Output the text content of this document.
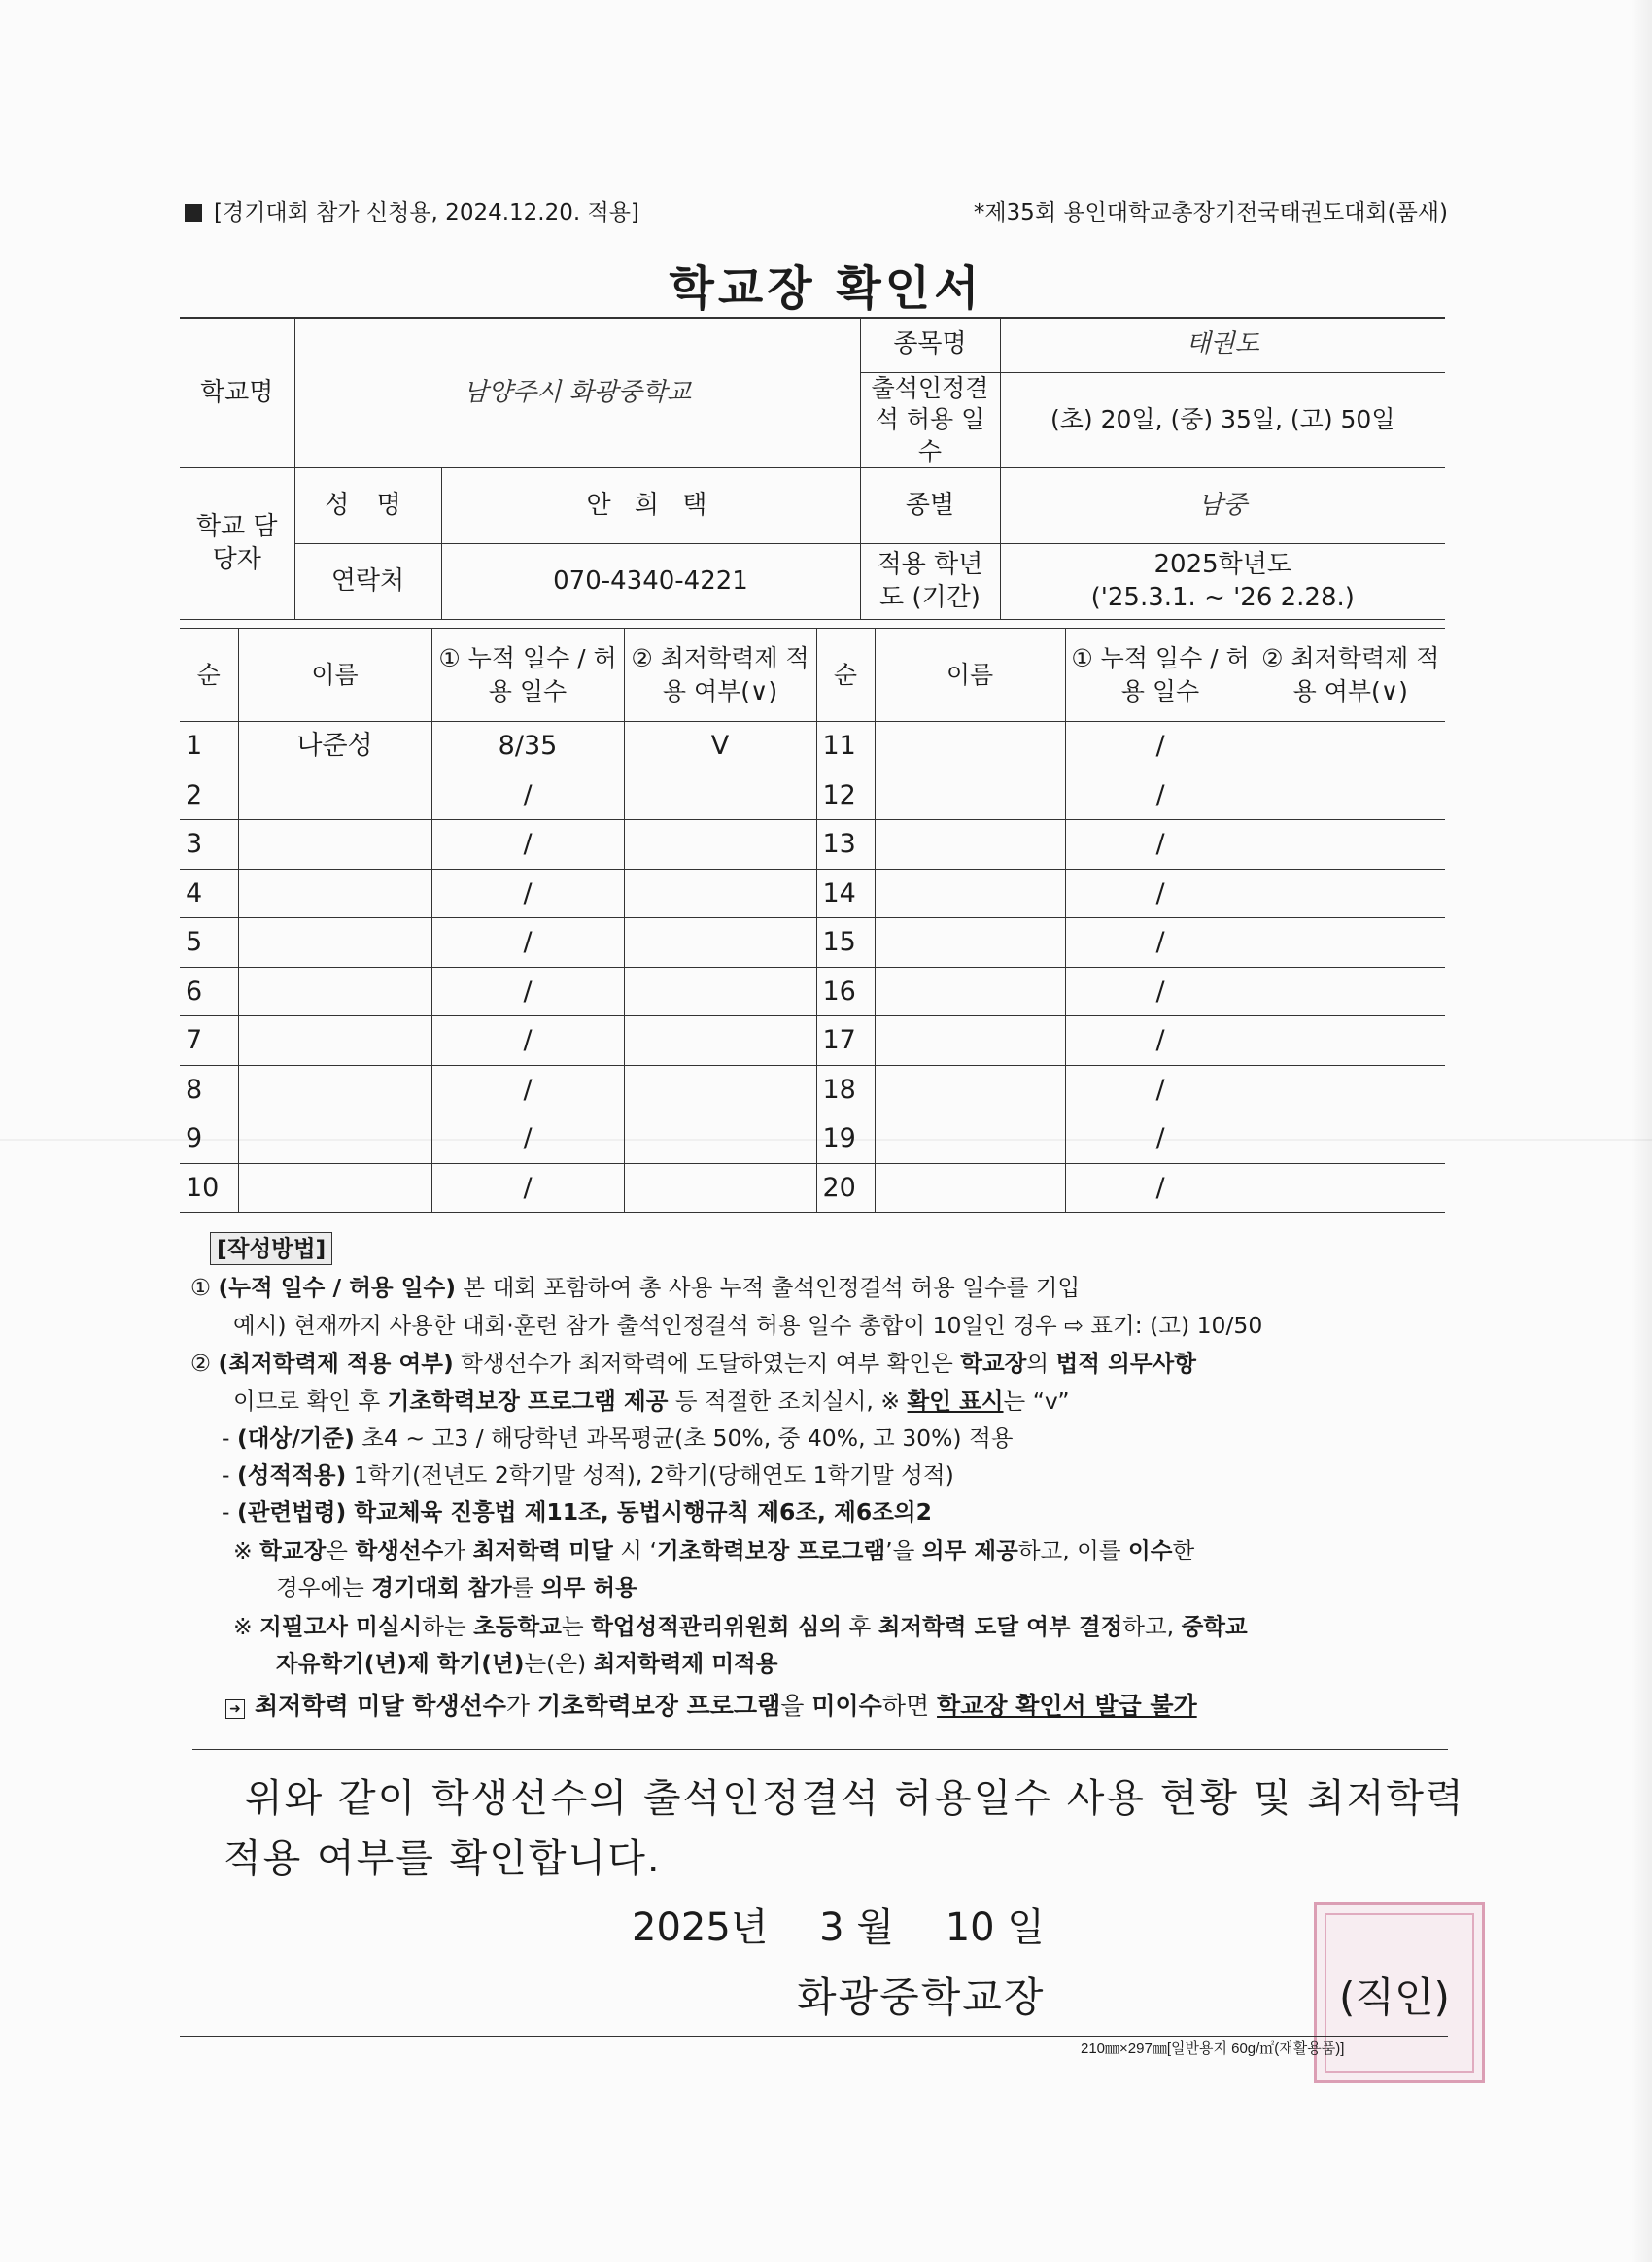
[경기대회 참가 신청용, 2024.12.20. 적용]	*제35회 용인대학교총장기전국태권도대회(품새)
학교장 확인서
학교명	남양주시 화광중학교		종목명	태권도
			출석인정결석 허용 일수	(초) 20일, (중) 35일, (고) 50일
학교 담당자	성 명	안 희 택	종별	남중
	연락처	070-4340-4221	적용 학년도 (기간)	2025학년도
('25.3.1. ~ '26 2.28.)
순	이름	① 누적 일수 / 허용 일수	② 최저학력제 적용 여부(∨)	순	이름	① 누적 일수 / 허용 일수	② 최저학력제 적용 여부(∨)
1	나준성	8/35	V	11		/	
2		/		12		/	
3		/		13		/	
4		/		14		/	
5		/		15		/	
6		/		16		/	
7		/		17		/	
8		/		18		/	
9		/		19		/	
10		/		20		/	
[작성방법]
① (누적 일수 / 허용 일수) 본 대회 포함하여 총 사용 누적 출석인정결석 허용 일수를 기입
예시) 현재까지 사용한 대회·훈련 참가 출석인정결석 허용 일수 총합이 10일인 경우 ⇨ 표기: (고) 10/50
② (최저학력제 적용 여부) 학생선수가 최저학력에 도달하였는지 여부 확인은 학교장의 법적 의무사항
이므로 확인 후 기초학력보장 프로그램 제공 등 적절한 조치실시, ※ 확인 표시는 “v”
- (대상/기준) 초4 ~ 고3 / 해당학년 과목평균(초 50%, 중 40%, 고 30%) 적용
- (성적적용) 1학기(전년도 2학기말 성적), 2학기(당해연도 1학기말 성적)
- (관련법령) 학교체육 진흥법 제11조, 동법시행규칙 제6조, 제6조의2
※ 학교장은 학생선수가 최저학력 미달 시 ‘기초학력보장 프로그램’을 의무 제공하고, 이를 이수한
경우에는 경기대회 참가를 의무 허용
※ 지필고사 미실시하는 초등학교는 학업성적관리위원회 심의 후 최저학력 도달 여부 결정하고, 중학교
자유학기(년)제 학기(년)는(은) 최저학력제 미적용
➜ 최저학력 미달 학생선수가 기초학력보장 프로그램을 미이수하면 학교장 확인서 발급 불가
위와 같이 학생선수의 출석인정결석 허용일수 사용 현황 및 최저학력
적용 여부를 확인합니다.
2025년 3 월 10 일
화광중학교장	(직인)
210㎜×297㎜[일반용지 60g/㎡(재활용품)]
